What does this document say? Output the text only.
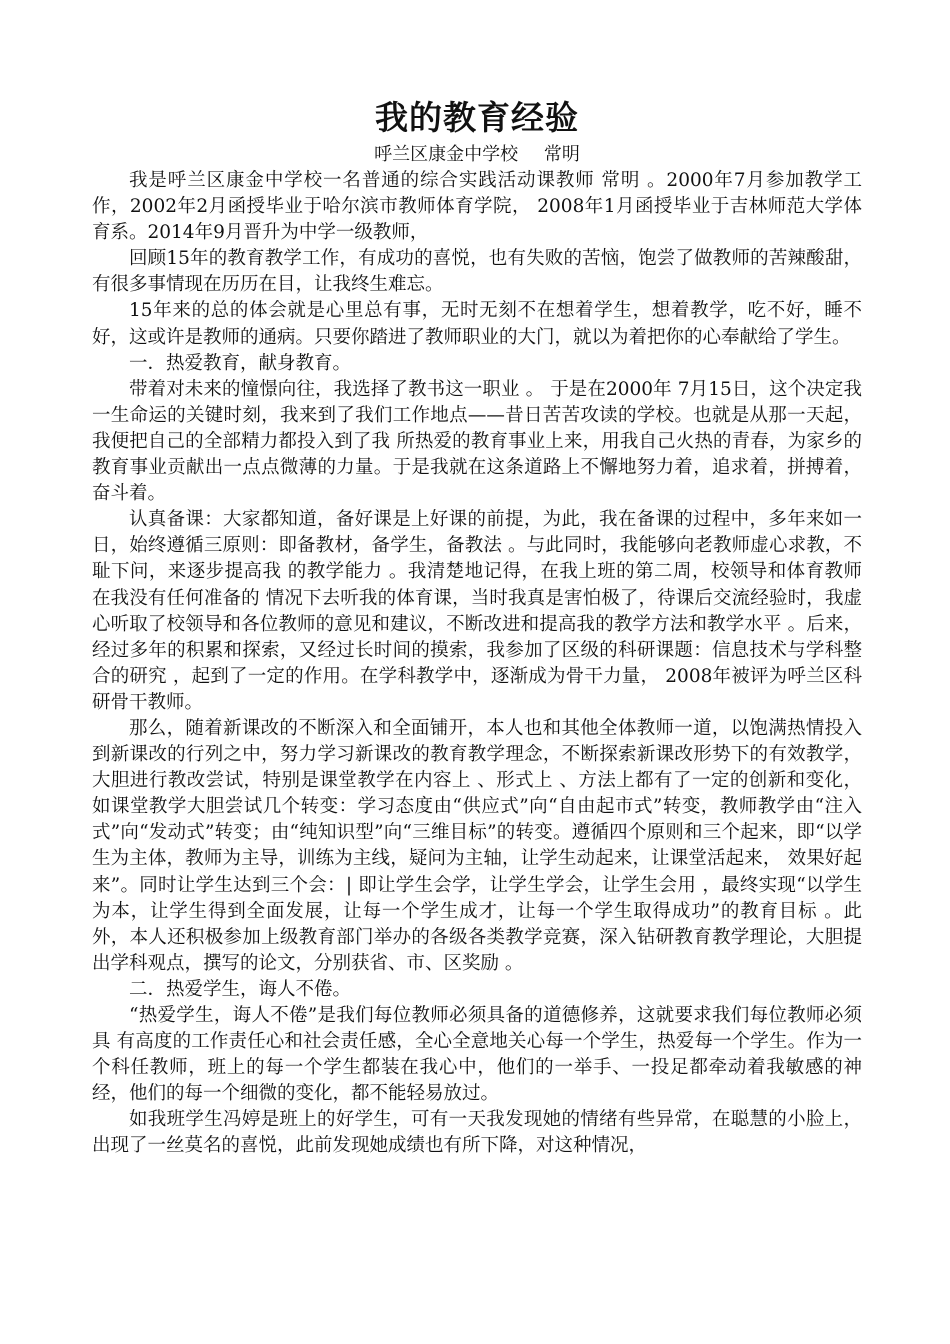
我的教育经验

呼兰区康金中学校 常明

我是呼兰区康金中学校一名普通的综合实践活动课教师 常明 。2000年7月参加教学工作，2002年2月函授毕业于哈尔滨市教师体育学院， 2008年1月函授毕业于吉林师范大学体育系。2014年9月晋升为中学一级教师，

回顾15年的教育教学工作，有成功的喜悦，也有失败的苦恼，饱尝了做教师的苦辣酸甜，有很多事情现在历历在目，让我终生难忘。

15年来的总的体会就是心里总有事，无时无刻不在想着学生，想着教学，吃不好，睡不好，这或许是教师的通病。只要你踏进了教师职业的大门，就以为着把你的心奉献给了学生。

一．热爱教育，献身教育。

带着对未来的憧憬向往，我选择了教书这一职业 。 于是在2000年 7月15日，这个决定我一生命运的关键时刻，我来到了我们工作地点——昔日苦苦攻读的学校。也就是从那一天起，我便把自己的全部精力都投入到了我 所热爱的教育事业上来，用我自己火热的青春，为家乡的教育事业贡献出一点点微薄的力量。于是我就在这条道路上不懈地努力着，追求着，拼搏着，奋斗着。

认真备课：大家都知道，备好课是上好课的前提，为此，我在备课的过程中，多年来如一日，始终遵循三原则：即备教材，备学生，备教法 。与此同时，我能够向老教师虚心求教，不耻下问，来逐步提高我 的教学能力 。我清楚地记得，在我上班的第二周，校领导和体育教师在我没有任何准备的 情况下去听我的体育课，当时我真是害怕极了，待课后交流经验时，我虚心听取了校领导和各位教师的意见和建议，不断改进和提高我的教学方法和教学水平 。后来，经过多年的积累和探索，又经过长时间的摸索，我参加了区级的科研课题：信息技术与学科整合的研究 ，起到了一定的作用。在学科教学中，逐渐成为骨干力量， 2008年被评为呼兰区科研骨干教师。

那么，随着新课改的不断深入和全面铺开，本人也和其他全体教师一道，以饱满热情投入到新课改的行列之中，努力学习新课改的教育教学理念，不断探索新课改形势下的有效教学，大胆进行教改尝试，特别是课堂教学在内容上 、形式上 、方法上都有了一定的创新和变化，如课堂教学大胆尝试几个转变：学习态度由“供应式”向“自由起市式”转变，教师教学由“注入式”向“发动式”转变；由“纯知识型”向“三维目标”的转变。遵循四个原则和三个起来，即“以学生为主体，教师为主导，训练为主线，疑问为主轴，让学生动起来，让课堂活起来， 效果好起来”。同时让学生达到三个会：| 即让学生会学，让学生学会，让学生会用 ，最终实现“以学生为本，让学生得到全面发展，让每一个学生成才，让每一个学生取得成功”的教育目标 。此外，本人还积极参加上级教育部门举办的各级各类教学竞赛，深入钻研教育教学理论，大胆提出学科观点，撰写的论文，分别获省、市、区奖励 。

二．热爱学生，诲人不倦。

“热爱学生，诲人不倦”是我们每位教师必须具备的道德修养，这就要求我们每位教师必须具 有高度的工作责任心和社会责任感，全心全意地关心每一个学生，热爱每一个学生。作为一个科任教师，班上的每一个学生都装在我心中，他们的一举手、一投足都牵动着我敏感的神经，他们的每一个细微的变化，都不能轻易放过。

如我班学生冯婷是班上的好学生，可有一天我发现她的情绪有些异常，在聪慧的小脸上，出现了一丝莫名的喜悦，此前发现她成绩也有所下降，对这种情况，
